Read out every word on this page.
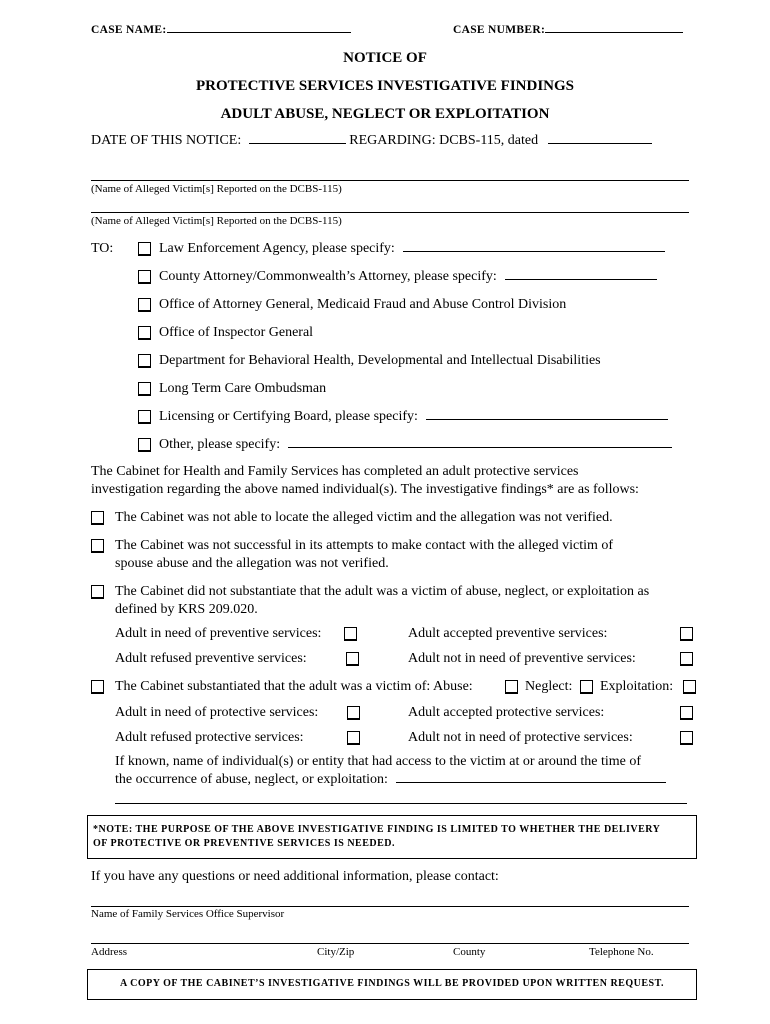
CASE NAME:	CASE NUMBER:
NOTICE OF
PROTECTIVE SERVICES INVESTIGATIVE FINDINGS
ADULT ABUSE, NEGLECT OR EXPLOITATION
DATE OF THIS NOTICE:	REGARDING: DCBS-115, dated
(Name of Alleged Victim[s] Reported on the DCBS-115)
(Name of Alleged Victim[s] Reported on the DCBS-115)
TO:	Law Enforcement Agency, please specify:
County Attorney/Commonwealth’s Attorney, please specify:
Office of Attorney General, Medicaid Fraud and Abuse Control Division
Office of Inspector General
Department for Behavioral Health, Developmental and Intellectual Disabilities
Long Term Care Ombudsman
Licensing or Certifying Board, please specify:
Other, please specify:
The Cabinet for Health and Family Services has completed an adult protective services
investigation regarding the above named individual(s). The investigative findings* are as follows:
The Cabinet was not able to locate the alleged victim and the allegation was not verified.
The Cabinet was not successful in its attempts to make contact with the alleged victim of
spouse abuse and the allegation was not verified.
The Cabinet did not substantiate that the adult was a victim of abuse, neglect, or exploitation as
defined by KRS 209.020.
Adult in need of preventive services:	Adult accepted preventive services:
Adult refused preventive services:	Adult not in need of preventive services:
The Cabinet substantiated that the adult was a victim of: Abuse:	Neglect: Exploitation:
Adult in need of protective services:	Adult accepted protective services:
Adult refused protective services:	Adult not in need of protective services:
If known, name of individual(s) or entity that had access to the victim at or around the time of
the occurrence of abuse, neglect, or exploitation:
*NOTE: THE PURPOSE OF THE ABOVE INVESTIGATIVE FINDING IS LIMITED TO WHETHER THE DELIVERY
OF PROTECTIVE OR PREVENTIVE SERVICES IS NEEDED.
If you have any questions or need additional information, please contact:
Name of Family Services Office Supervisor
Address	City/Zip	County	Telephone No.
A COPY OF THE CABINET’S INVESTIGATIVE FINDINGS WILL BE PROVIDED UPON WRITTEN REQUEST.
